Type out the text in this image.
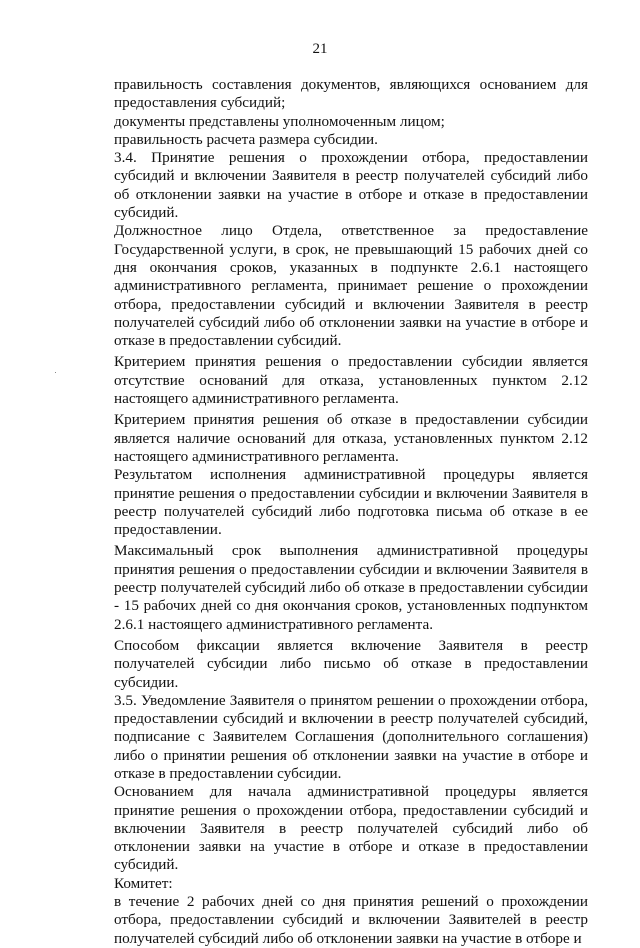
21

правильность составления документов, являющихся основанием для предоставления субсидий;

документы представлены уполномоченным лицом;

правильность расчета размера субсидии.

3.4. Принятие решения о прохождении отбора, предоставлении субсидий и включении Заявителя в реестр получателей субсидий либо об отклонении заявки на участие в отборе и отказе в предоставлении субсидий.

Должностное лицо Отдела, ответственное за предоставление Государственной услуги, в срок, не превышающий 15 рабочих дней со дня окончания сроков, указанных в подпункте 2.6.1 настоящего административного регламента, принимает решение о прохождении отбора, предоставлении субсидий и включении Заявителя в реестр получателей субсидий либо об отклонении заявки на участие в отборе и отказе в предоставлении субсидий.

Критерием принятия решения о предоставлении субсидии является отсутствие оснований для отказа, установленных пунктом 2.12 настоящего административного регламента.

Критерием принятия решения об отказе в предоставлении субсидии является наличие оснований для отказа, установленных пунктом 2.12 настоящего административного регламента.

Результатом исполнения административной процедуры является принятие решения о предоставлении субсидии и включении Заявителя в реестр получателей субсидий либо подготовка письма об отказе в ее предоставлении.

Максимальный срок выполнения административной процедуры принятия решения о предоставлении субсидии и включении Заявителя в реестр получателей субсидий либо об отказе в предоставлении субсидии - 15 рабочих дней со дня окончания сроков, установленных подпунктом 2.6.1 настоящего административного регламента.

Способом фиксации является включение Заявителя в реестр получателей субсидии либо письмо об отказе в предоставлении субсидии.

3.5. Уведомление Заявителя о принятом решении о прохождении отбора, предоставлении субсидий и включении в реестр получателей субсидий, подписание с Заявителем Соглашения (дополнительного соглашения) либо о принятии решения об отклонении заявки на участие в отборе и отказе в предоставлении субсидии.

Основанием для начала административной процедуры является принятие решения о прохождении отбора, предоставлении субсидий и включении Заявителя в реестр получателей субсидий либо об отклонении заявки на участие в отборе и отказе в предоставлении субсидий.

Комитет:

в течение 2 рабочих дней со дня принятия решений о прохождении отбора, предоставлении субсидий и включении Заявителей в реестр получателей субсидий либо об отклонении заявки на участие в отборе и
